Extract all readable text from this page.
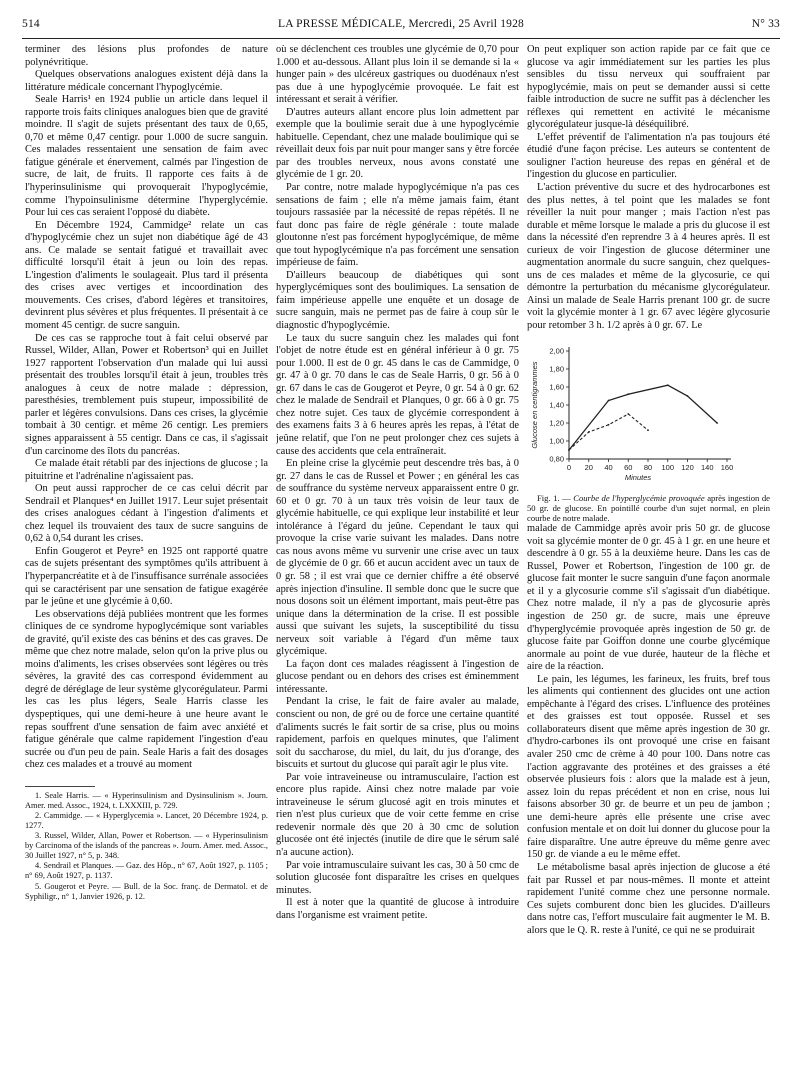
514	LA PRESSE MÉDICALE, Mercredi, 25 Avril 1928	N° 33

terminer des lésions plus profondes de nature polynévritique.

Quelques observations analogues existent déjà dans la littérature médicale concernant l'hypoglycémie.

Seale Harris¹ en 1924 publie un article dans lequel il rapporte trois faits cliniques analogues bien que de gravité moindre. Il s'agit de sujets présentant des taux de 0,65, 0,70 et même 0,47 centigr. pour 1.000 de sucre sanguin. Ces malades ressentaient une sensation de faim avec fatigue générale et énervement, calmés par l'ingestion de sucre, de lait, de fruits. Il rapporte ces faits à de l'hyperinsulinisme qui provoquerait l'hypoglycémie, comme l'hypoinsulinisme détermine l'hyperglycémie. Pour lui ces cas seraient l'opposé du diabète.

En Décembre 1924, Cammidge² relate un cas d'hypoglycémie chez un sujet non diabétique âgé de 43 ans. Ce malade se sentait fatigué et travaillait avec difficulté lorsqu'il était à jeun ou loin des repas. L'ingestion d'aliments le soulageait. Plus tard il présenta des crises avec vertiges et incoordination des mouvements. Ces crises, d'abord légères et transitoires, devinrent plus sévères et plus fréquentes. Il présentait à ce moment 45 centigr. de sucre sanguin.

De ces cas se rapproche tout à fait celui observé par Russel, Wilder, Allan, Power et Robertson³ qui en Juillet 1927 rapportent l'observation d'un malade qui lui aussi présentait des troubles lorsqu'il était à jeun, troubles très analogues à ceux de notre malade : dépression, paresthésies, tremblement puis stupeur, impossibilité de parler et légères convulsions. Dans ces crises, la glycémie tombait à 30 centigr. et même 26 centigr. Les premiers signes apparaissent à 55 centigr. Dans ce cas, il s'agissait d'un carcinome des îlots du pancréas.

Ce malade était rétabli par des injections de glucose ; la pituitrine et l'adrénaline n'agissaient pas.

On peut aussi rapprocher de ce cas celui décrit par Sendrail et Planques⁴ en Juillet 1917. Leur sujet présentait des crises analogues cédant à l'ingestion d'aliments et chez lequel ils trouvaient des taux de sucre sanguins de 0,62 à 0,54 durant les crises.

Enfin Gougerot et Peyre⁵ en 1925 ont rapporté quatre cas de sujets présentant des symptômes qu'ils attribuent à l'hyperpancréatite et à de l'insuffisance surrénale associées qui se caractérisent par une sensation de fatigue exagérée par le jeûne et une glycémie à 0,60.

Les observations déjà publiées montrent que les formes cliniques de ce syndrome hypoglycémique sont variables de gravité, qu'il existe des cas bénins et des cas graves. De même que chez notre malade, selon qu'on la prive plus ou moins d'aliments, les crises observées sont légères ou très sévères, la gravité des cas correspond évidemment au degré de déréglage de leur système glycorégulateur. Parmi les cas les plus légers, Seale Harris classe les dyspeptiques, qui une demi-heure à une heure avant le repas souffrent d'une sensation de faim avec anxiété et fatigue générale que calme rapidement l'ingestion d'eau sucrée ou d'un peu de pain. Seale Haris a fait des dosages chez ces malades et a trouvé au moment

1. Seale Harris. — « Hyperinsulinism and Dysinsulinism ». Journ. Amer. med. Assoc., 1924, t. LXXXIII, p. 729.

2. Cammidge. — « Hyperglycemia ». Lancet, 20 Décembre 1924, p. 1277.

3. Russel, Wilder, Allan, Power et Robertson. — « Hyperinsulinism by Carcinoma of the islands of the pancreas ». Journ. Amer. med. Assoc., 30 Juillet 1927, n° 5, p. 348.

4. Sendrail et Planques. — Gaz. des Hôp., n° 67, Août 1927, p. 1105 ; n° 69, Août 1927, p. 1137.

5. Gougerot et Peyre. — Bull. de la Soc. franç. de Dermatol. et de Syphiligr., n° 1, Janvier 1926, p. 12.

où se déclenchent ces troubles une glycémie de 0,70 pour 1.000 et au-dessous. Allant plus loin il se demande si la « hunger pain » des ulcéreux gastriques ou duodénaux n'est pas due à une hypoglycémie provoquée. Le fait est intéressant et serait à vérifier.

D'autres auteurs allant encore plus loin admettent par exemple que la boulimie serait due à une hypoglycémie habituelle. Cependant, chez une malade boulimique qui se réveillait deux fois par nuit pour manger sans y être forcée par des troubles nerveux, nous avons constaté une glycémie de 1 gr. 20.

Par contre, notre malade hypoglycémique n'a pas ces sensations de faim ; elle n'a même jamais faim, étant toujours rassasiée par la nécessité de repas répétés. Il ne faut donc pas faire de règle générale : toute malade gloutonne n'est pas forcément hypoglycémique, de même que tout hypoglycémique n'a pas forcément une sensation impérieuse de faim.

D'ailleurs beaucoup de diabétiques qui sont hyperglycémiques sont des boulimiques. La sensation de faim impérieuse appelle une enquête et un dosage de sucre sanguin, mais ne permet pas de faire à coup sûr le diagnostic d'hypoglycémie.

Le taux du sucre sanguin chez les malades qui font l'objet de notre étude est en général inférieur à 0 gr. 75 pour 1.000. Il est de 0 gr. 45 dans le cas de Cammidge, 0 gr. 47 à 0 gr. 70 dans le cas de Seale Harris, 0 gr. 56 à 0 gr. 67 dans le cas de Gougerot et Peyre, 0 gr. 54 à 0 gr. 62 chez le malade de Sendrail et Planques, 0 gr. 66 à 0 gr. 75 chez notre sujet. Ces taux de glycémie correspondent à des examens faits 3 à 6 heures après les repas, à l'état de jeûne relatif, que l'on ne peut prolonger chez ces sujets à cause des accidents que cela entraînerait.

En pleine crise la glycémie peut descendre très bas, à 0 gr. 27 dans le cas de Russel et Power ; en général les cas de souffrance du système nerveux apparaissent entre 0 gr. 60 et 0 gr. 70 à un taux très voisin de leur taux de glycémie habituelle, ce qui explique leur instabilité et leur intolérance à l'égard du jeûne. Cependant le taux qui provoque la crise varie suivant les malades. Dans notre cas nous avons même vu survenir une crise avec un taux de glycémie de 0 gr. 66 et aucun accident avec un taux de 0 gr. 58 ; il est vrai que ce dernier chiffre a été observé après injection d'insuline. Il semble donc que le sucre que nous dosons soit un élément important, mais peut-être pas unique dans la détermination de la crise. Il est possible aussi que suivant les sujets, la susceptibilité du tissu nerveux soit variable à l'égard d'un même taux glycémique.

La façon dont ces malades réagissent à l'ingestion de glucose pendant ou en dehors des crises est éminemment intéressante.

Pendant la crise, le fait de faire avaler au malade, conscient ou non, de gré ou de force une certaine quantité d'aliments sucrés le fait sortir de sa crise, plus ou moins rapidement, parfois en quelques minutes, que l'aliment soit du saccharose, du miel, du lait, du jus d'orange, des biscuits et surtout du glucose qui paraît agir le plus vite.

Par voie intraveineuse ou intramusculaire, l'action est encore plus rapide. Ainsi chez notre malade par voie intraveineuse le sérum glucosé agit en trois minutes et rien n'est plus curieux que de voir cette femme en crise redevenir normale dès que 20 à 30 cmc de solution glucosée ont été injectés (inutile de dire que le sérum salé n'a aucune action).

Par voie intramusculaire suivant les cas, 30 à 50 cmc de solution glucosée font disparaître les crises en quelques minutes.

Il est à noter que la quantité de glucose à introduire dans l'organisme est vraiment petite.

On peut expliquer son action rapide par ce fait que ce glucose va agir immédiatement sur les parties les plus sensibles du tissu nerveux qui souffraient par hypoglycémie, mais on peut se demander aussi si cette faible introduction de sucre ne suffit pas à déclencher les réflexes qui remettent en activité le mécanisme glycorégulateur jusque-là déséquilibré.

L'effet préventif de l'alimentation n'a pas toujours été étudié d'une façon précise. Les auteurs se contentent de souligner l'action heureuse des repas en général et de l'ingestion du glucose en particulier.

L'action préventive du sucre et des hydrocarbones est des plus nettes, à tel point que les malades se font réveiller la nuit pour manger ; mais l'action n'est pas durable et même lorsque le malade a pris du glucose il est dans la nécessité d'en reprendre 3 à 4 heures après. Il est curieux de voir l'ingestion de glucose déterminer une augmentation anormale du sucre sanguin, chez quelques-uns de ces malades et même de la glycosurie, ce qui démontre la perturbation du mécanisme glycorégulateur. Ainsi un malade de Seale Harris prenant 100 gr. de sucre voit la glycémie monter à 1 gr. 67 avec légère glycosurie pour retomber 3 h. 1/2 après à 0 gr. 67. Le

0,80
1,00
1,20
1,40
1,60
1,80
2,00
0 20 40 60 80 100 120 140 160
Glucose en centigrammes
Minutes

Fig. 1. — Courbe de l'hyperglycémie provoquée après ingestion de 50 gr. de glucose. En pointillé courbe d'un sujet normal, en plein courbe de notre malade.

malade de Cammidge après avoir pris 50 gr. de glucose voit sa glycémie monter de 0 gr. 45 à 1 gr. en une heure et descendre à 0 gr. 55 à la deuxième heure. Dans les cas de Russel, Power et Robertson, l'ingestion de 100 gr. de glucose fait monter le sucre sanguin d'une façon anormale et il y a glycosurie comme s'il s'agissait d'un diabétique. Chez notre malade, il n'y a pas de glycosurie après ingestion de 250 gr. de sucre, mais une épreuve d'hyperglycémie provoquée après ingestion de 50 gr. de glucose faite par Goiffon donne une courbe glycémique anormale au point de vue durée, hauteur de la flèche et aire de la réaction.

Le pain, les légumes, les farineux, les fruits, bref tous les aliments qui contiennent des glucides ont une action empêchante à l'égard des crises. L'influence des protéines et des graisses est tout opposée. Russel et ses collaborateurs disent que même après ingestion de 30 gr. d'hydro-carbones ils ont provoqué une crise en faisant avaler 250 cmc de crème à 40 pour 100. Dans notre cas l'action aggravante des protéines et des graisses a été observée plusieurs fois : alors que la malade est à jeun, assez loin du repas précédent et non en crise, nous lui faisons absorber 30 gr. de beurre et un peu de jambon ; une demi-heure après elle présente une crise avec confusion mentale et on doit lui donner du glucose pour la faire disparaître. Une autre épreuve du même genre avec 150 gr. de viande a eu le même effet.

Le métabolisme basal après injection de glucose a été fait par Russel et par nous-mêmes. Il monte et atteint rapidement l'unité comme chez une personne normale. Ces sujets comburent donc bien les glucides. D'ailleurs dans notre cas, l'effort musculaire fait augmenter le M. B. alors que le Q. R. reste à l'unité, ce qui ne se produirait
